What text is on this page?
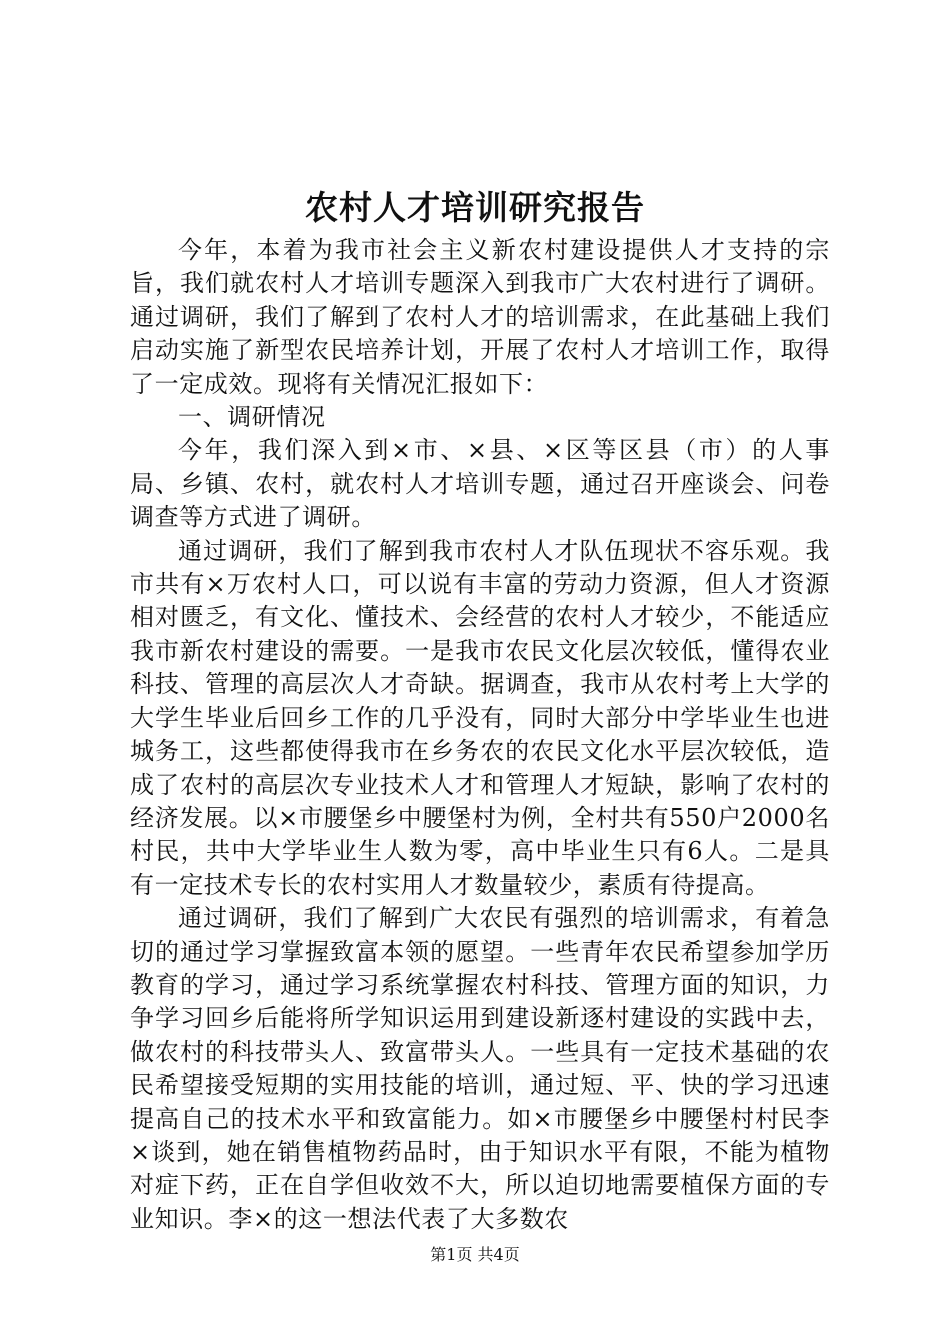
农村人才培训研究报告

今年，本着为我市社会主义新农村建设提供人才支持的宗旨，我们就农村人才培训专题深入到我市广大农村进行了调研。通过调研，我们了解到了农村人才的培训需求，在此基础上我们启动实施了新型农民培养计划，开展了农村人才培训工作，取得了一定成效。现将有关情况汇报如下：

一、调研情况

今年，我们深入到×市、×县、×区等区县（市）的人事局、乡镇、农村，就农村人才培训专题，通过召开座谈会、问卷调查等方式进了调研。

通过调研，我们了解到我市农村人才队伍现状不容乐观。我市共有×万农村人口，可以说有丰富的劳动力资源，但人才资源相对匮乏，有文化、懂技术、会经营的农村人才较少，不能适应我市新农村建设的需要。一是我市农民文化层次较低，懂得农业科技、管理的高层次人才奇缺。据调查，我市从农村考上大学的大学生毕业后回乡工作的几乎没有，同时大部分中学毕业生也进城务工，这些都使得我市在乡务农的农民文化水平层次较低，造成了农村的高层次专业技术人才和管理人才短缺，影响了农村的经济发展。以×市腰堡乡中腰堡村为例，全村共有550户2000名村民，共中大学毕业生人数为零，高中毕业生只有6人。二是具有一定技术专长的农村实用人才数量较少，素质有待提高。

通过调研，我们了解到广大农民有强烈的培训需求，有着急切的通过学习掌握致富本领的愿望。一些青年农民希望参加学历教育的学习，通过学习系统掌握农村科技、管理方面的知识，力争学习回乡后能将所学知识运用到建设新逐村建设的实践中去，做农村的科技带头人、致富带头人。一些具有一定技术基础的农民希望接受短期的实用技能的培训，通过短、平、快的学习迅速提高自己的技术水平和致富能力。如×市腰堡乡中腰堡村村民李×谈到，她在销售植物药品时，由于知识水平有限，不能为植物对症下药，正在自学但收效不大，所以迫切地需要植保方面的专业知识。李×的这一想法代表了大多数农

第1页 共4页
